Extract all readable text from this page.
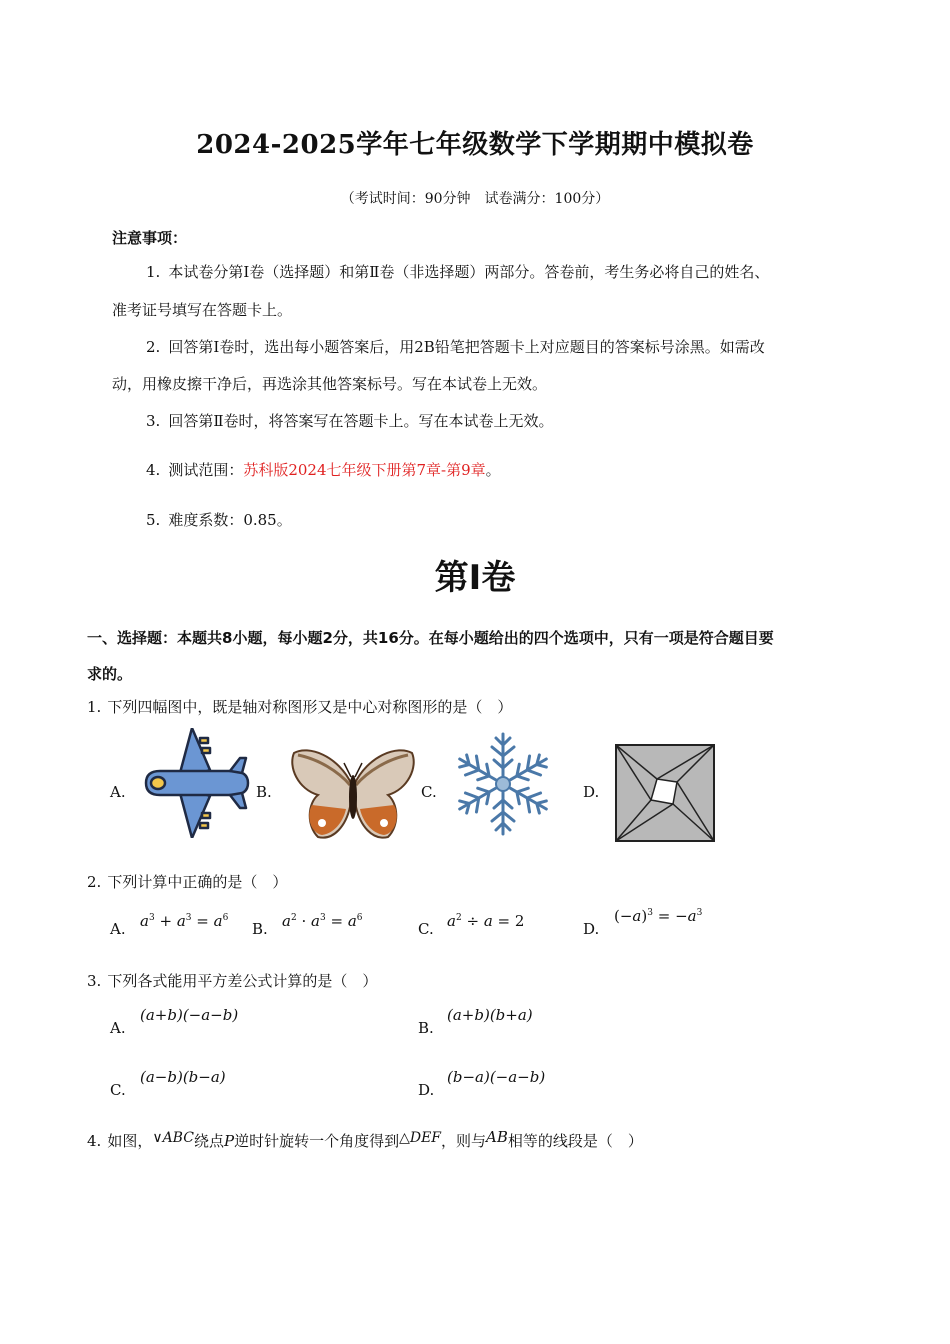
2024-2025学年七年级数学下学期期中模拟卷
（考试时间：90分钟　试卷满分：100分）
注意事项：
1. 本试卷分第Ⅰ卷（选择题）和第Ⅱ卷（非选择题）两部分。答卷前，考生务必将自己的姓名、
准考证号填写在答题卡上。
2. 回答第Ⅰ卷时，选出每小题答案后，用2B铅笔把答题卡上对应题目的答案标号涂黑。如需改
动，用橡皮擦干净后，再选涂其他答案标号。写在本试卷上无效。
3. 回答第Ⅱ卷时，将答案写在答题卡上。写在本试卷上无效。
4. 测试范围：苏科版2024七年级下册第7章-第9章。
5. 难度系数：0.85。
第Ⅰ卷
一、选择题：本题共8小题，每小题2分，共16分。在每小题给出的四个选项中，只有一项是符合题目要
求的。
1. 下列四幅图中，既是轴对称图形又是中心对称图形的是（　）
A.	B.	C.	D.
2. 下列计算中正确的是（　）
A. $a^3 + a^3 = a^6$
B. $a^2 \cdot a^3 = a^6$
C. $a^2 \div a = 2$	D.
$(-a)^3 = -a^3$
3. 下列各式能用平方差公式计算的是（　）
A.
(a+b)(−a−b)
B.
(a+b)(b+a)
C.
(a−b)(b−a)
D.
(b−a)(−a−b)
4. 如图，∨ABC绕点P逆时针旋转一个角度得到△DEF，则与AB相等的线段是（　）
